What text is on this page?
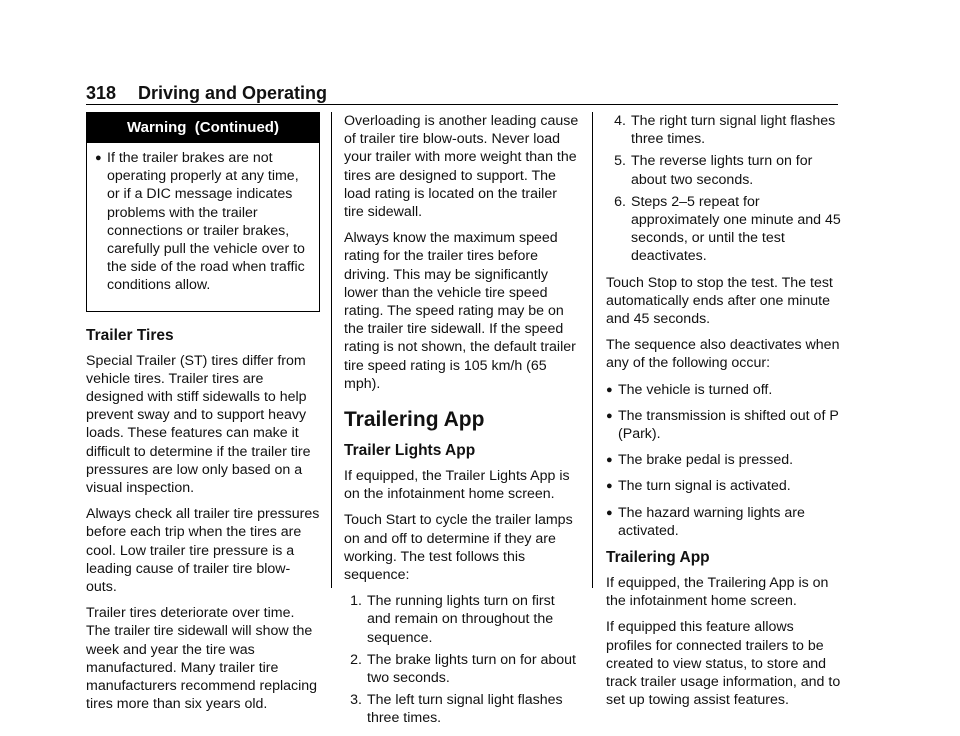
318 Driving and Operating
Warning  (Continued)
● If the trailer brakes are not operating properly at any time, or if a DIC message indicates problems with the trailer connections or trailer brakes, carefully pull the vehicle over to the side of the road when traffic conditions allow.
Trailer Tires

Special Trailer (ST) tires differ from vehicle tires. Trailer tires are designed with stiff sidewalls to help prevent sway and to support heavy loads. These features can make it difficult to determine if the trailer tire pressures are low only based on a visual inspection.

Always check all trailer tire pressures before each trip when the tires are cool. Low trailer tire pressure is a leading cause of trailer tire blow-outs.

Trailer tires deteriorate over time. The trailer tire sidewall will show the week and year the tire was manufactured. Many trailer tire manufacturers recommend replacing tires more than six years old.

Overloading is another leading cause of trailer tire blow-outs. Never load your trailer with more weight than the tires are designed to support. The load rating is located on the trailer tire sidewall.

Always know the maximum speed rating for the trailer tires before driving. This may be significantly lower than the vehicle tire speed rating. The speed rating may be on the trailer tire sidewall. If the speed rating is not shown, the default trailer tire speed rating is 105 km/h (65 mph).

Trailering App
Trailer Lights App

If equipped, the Trailer Lights App is on the infotainment home screen.

Touch Start to cycle the trailer lamps on and off to determine if they are working. The test follows this sequence:

1. The running lights turn on first and remain on throughout the sequence.
2. The brake lights turn on for about two seconds.
3. The left turn signal light flashes three times.
4. The right turn signal light flashes three times.
5. The reverse lights turn on for about two seconds.
6. Steps 2–5 repeat for approximately one minute and 45 seconds, or until the test deactivates.

Touch Stop to stop the test. The test automatically ends after one minute and 45 seconds.

The sequence also deactivates when any of the following occur:

● The vehicle is turned off.
● The transmission is shifted out of P (Park).
● The brake pedal is pressed.
● The turn signal is activated.
● The hazard warning lights are activated.
Trailering App

If equipped, the Trailering App is on the infotainment home screen.

If equipped this feature allows profiles for connected trailers to be created to view status, to store and track trailer usage information, and to set up towing assist features.
